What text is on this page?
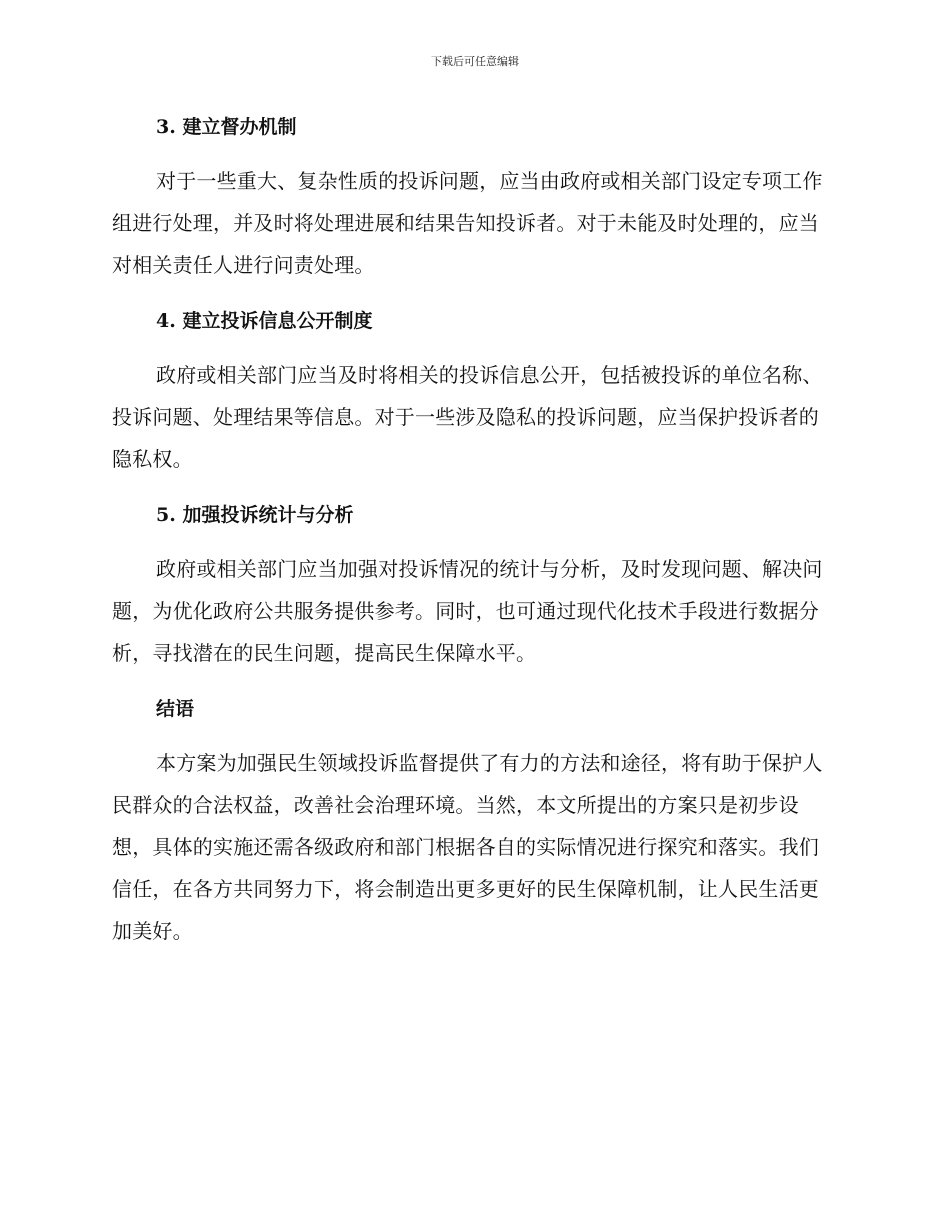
下载后可任意编辑
3. 建立督办机制

对于一些重大、复杂性质的投诉问题，应当由政府或相关部门设定专项工作组进行处理，并及时将处理进展和结果告知投诉者。对于未能及时处理的，应当对相关责任人进行问责处理。

4. 建立投诉信息公开制度

政府或相关部门应当及时将相关的投诉信息公开，包括被投诉的单位名称、投诉问题、处理结果等信息。对于一些涉及隐私的投诉问题，应当保护投诉者的隐私权。

5. 加强投诉统计与分析

政府或相关部门应当加强对投诉情况的统计与分析，及时发现问题、解决问题，为优化政府公共服务提供参考。同时，也可通过现代化技术手段进行数据分析，寻找潜在的民生问题，提高民生保障水平。

结语

本方案为加强民生领域投诉监督提供了有力的方法和途径，将有助于保护人民群众的合法权益，改善社会治理环境。当然，本文所提出的方案只是初步设想，具体的实施还需各级政府和部门根据各自的实际情况进行探究和落实。我们信任，在各方共同努力下，将会制造出更多更好的民生保障机制，让人民生活更加美好。
